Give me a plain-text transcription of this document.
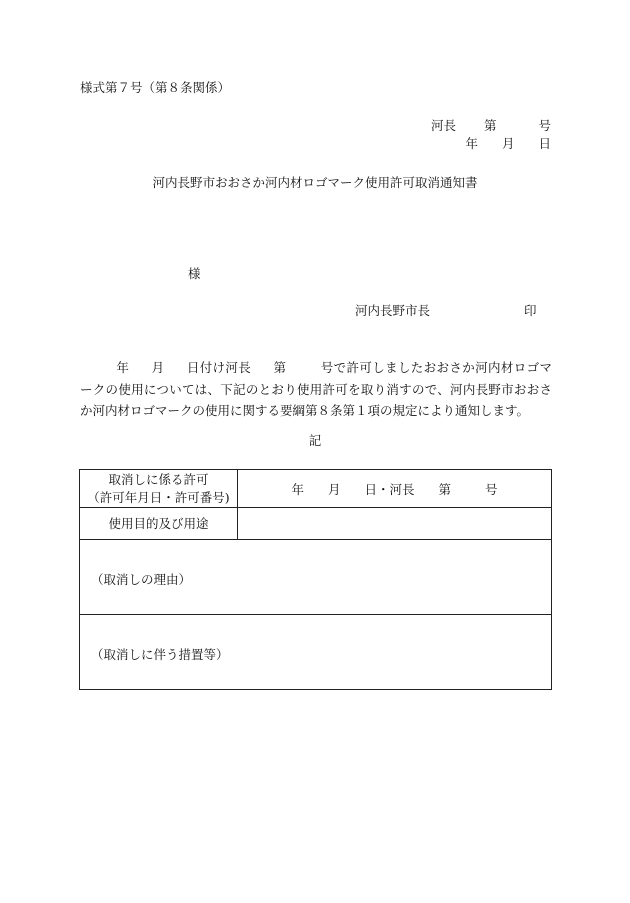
様式第７号（第８条関係）
河長 第	号
年 月 日
河内長野市おおさか河内材ロゴマーク使用許可取消通知書
様
河内長野市長	印
年 月 日付け河長 第	号で許可しましたおおさか河内材ロゴマークの使用については、下記のとおり使用許可を取り消すので、河内長野市おおさか河内材ロゴマークの使用に関する要綱第８条第１項の規定により通知します。
記
取消しに係る許可
（許可年月日・許可番号)	年 月 日・河長 第 号
使用目的及び用途	

（取消しの理由）	

（取消しに伴う措置等）	
